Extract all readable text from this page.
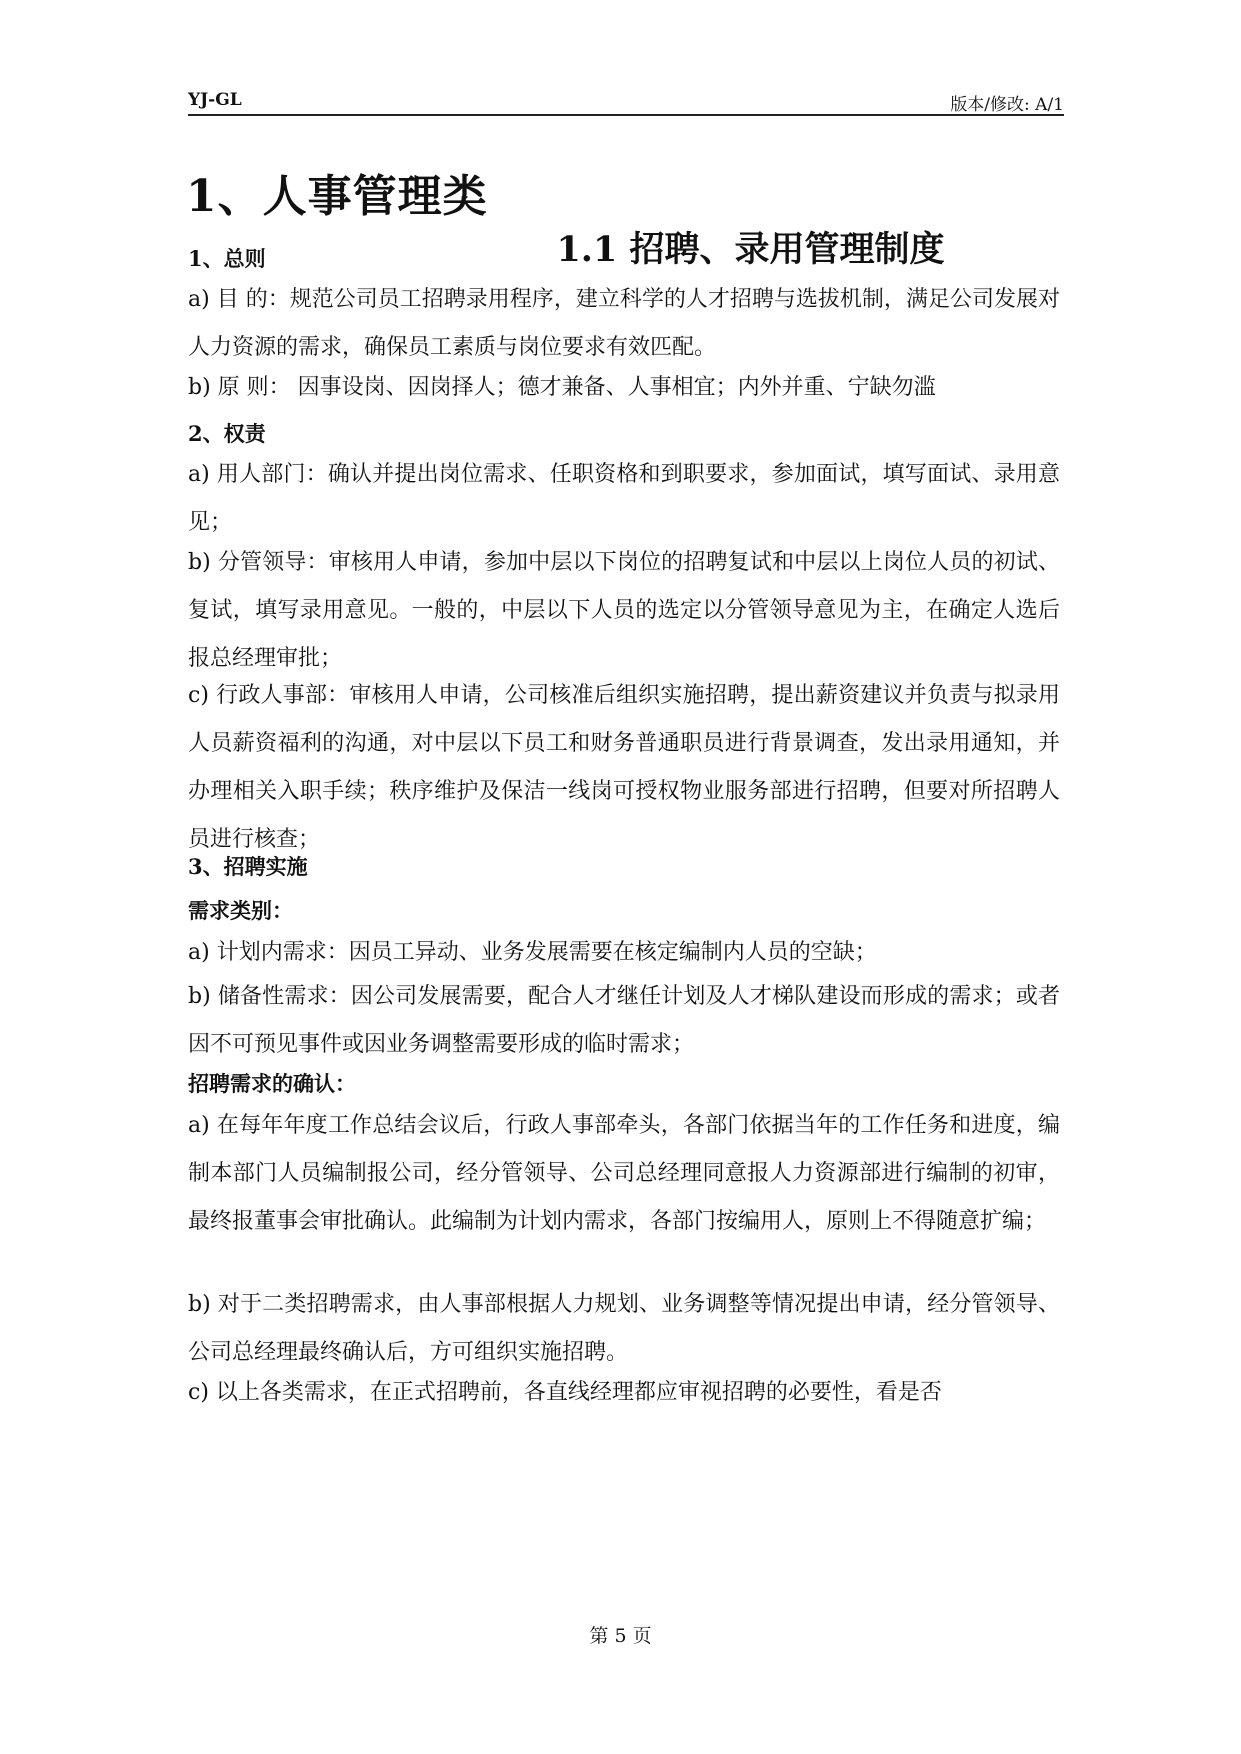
YJ-GL	版本/修改: A/1
1、人事管理类
1.1 招聘、录用管理制度
1、总则
a) 目 的：规范公司员工招聘录用程序，建立科学的人才招聘与选拔机制，满足公司发展对人力资源的需求，确保员工素质与岗位要求有效匹配。
b) 原 则： 因事设岗、因岗择人；德才兼备、人事相宜；内外并重、宁缺勿滥
2、权责
a) 用人部门：确认并提出岗位需求、任职资格和到职要求，参加面试，填写面试、录用意见；
b) 分管领导：审核用人申请，参加中层以下岗位的招聘复试和中层以上岗位人员的初试、复试，填写录用意见。一般的，中层以下人员的选定以分管领导意见为主，在确定人选后报总经理审批；
c) 行政人事部：审核用人申请，公司核准后组织实施招聘，提出薪资建议并负责与拟录用人员薪资福利的沟通，对中层以下员工和财务普通职员进行背景调查，发出录用通知，并办理相关入职手续；秩序维护及保洁一线岗可授权物业服务部进行招聘，但要对所招聘人员进行核查；
3、招聘实施
需求类别：
a) 计划内需求：因员工异动、业务发展需要在核定编制内人员的空缺；
b) 储备性需求：因公司发展需要，配合人才继任计划及人才梯队建设而形成的需求；或者因不可预见事件或因业务调整需要形成的临时需求；
招聘需求的确认：
a) 在每年年度工作总结会议后，行政人事部牵头，各部门依据当年的工作任务和进度，编制本部门人员编制报公司，经分管领导、公司总经理同意报人力资源部进行编制的初审，最终报董事会审批确认。此编制为计划内需求，各部门按编用人，原则上不得随意扩编；
b) 对于二类招聘需求，由人事部根据人力规划、业务调整等情况提出申请，经分管领导、公司总经理最终确认后，方可组织实施招聘。
c) 以上各类需求，在正式招聘前，各直线经理都应审视招聘的必要性，看是否
第 5 页
